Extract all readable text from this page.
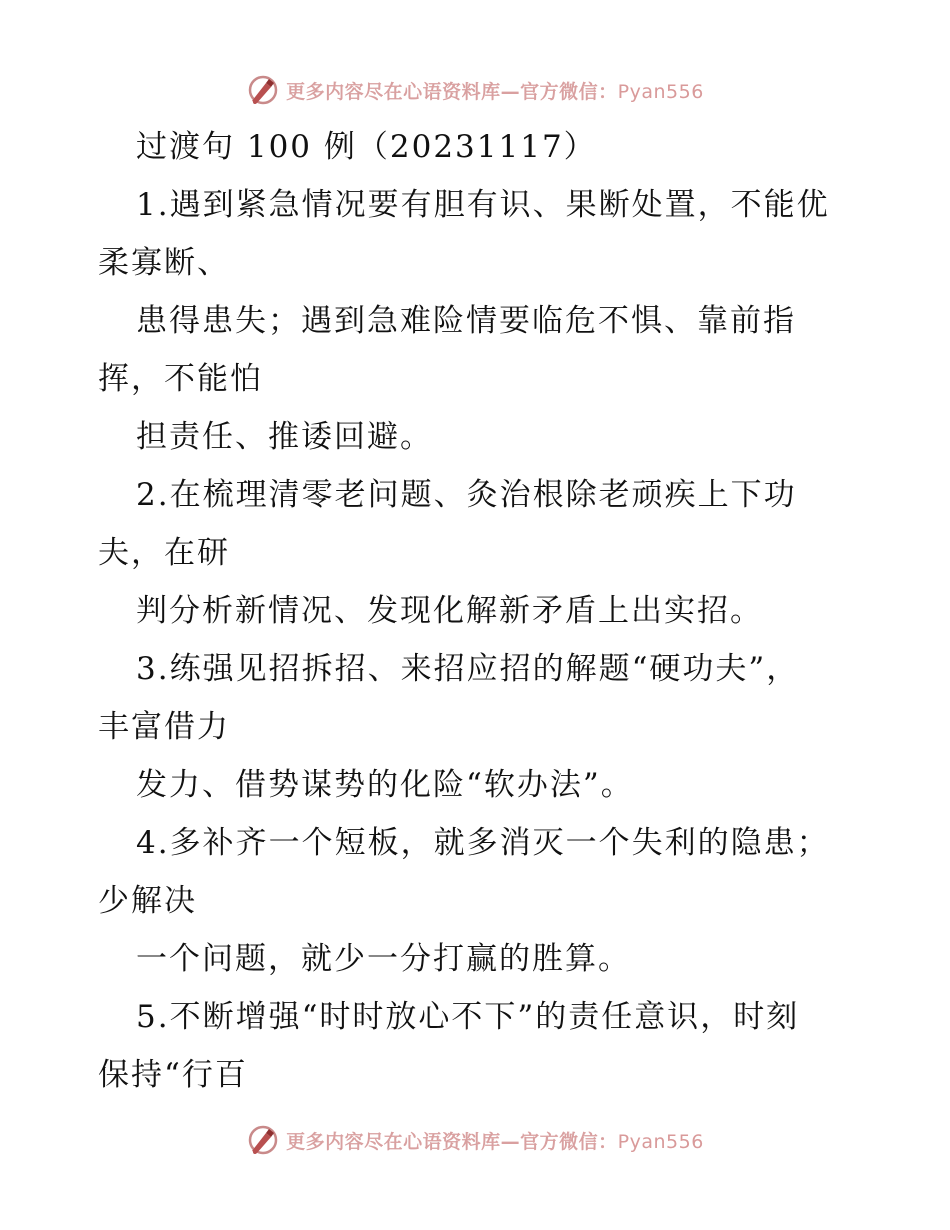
更多内容尽在心语资料库—官方微信：Pyan556
过渡句 100 例（20231117）
1.遇到紧急情况要有胆有识、果断处置，不能优
柔寡断、
患得患失；遇到急难险情要临危不惧、靠前指
挥，不能怕
担责任、推诿回避。
2.在梳理清零老问题、灸治根除老顽疾上下功
夫，在研
判分析新情况、发现化解新矛盾上出实招。
3.练强见招拆招、来招应招的解题“硬功夫”，
丰富借力
发力、借势谋势的化险“软办法”。
4.多补齐一个短板，就多消灭一个失利的隐患；
少解决
一个问题，就少一分打赢的胜算。
5.不断增强“时时放心不下”的责任意识，时刻
保持“行百
更多内容尽在心语资料库—官方微信：Pyan556
